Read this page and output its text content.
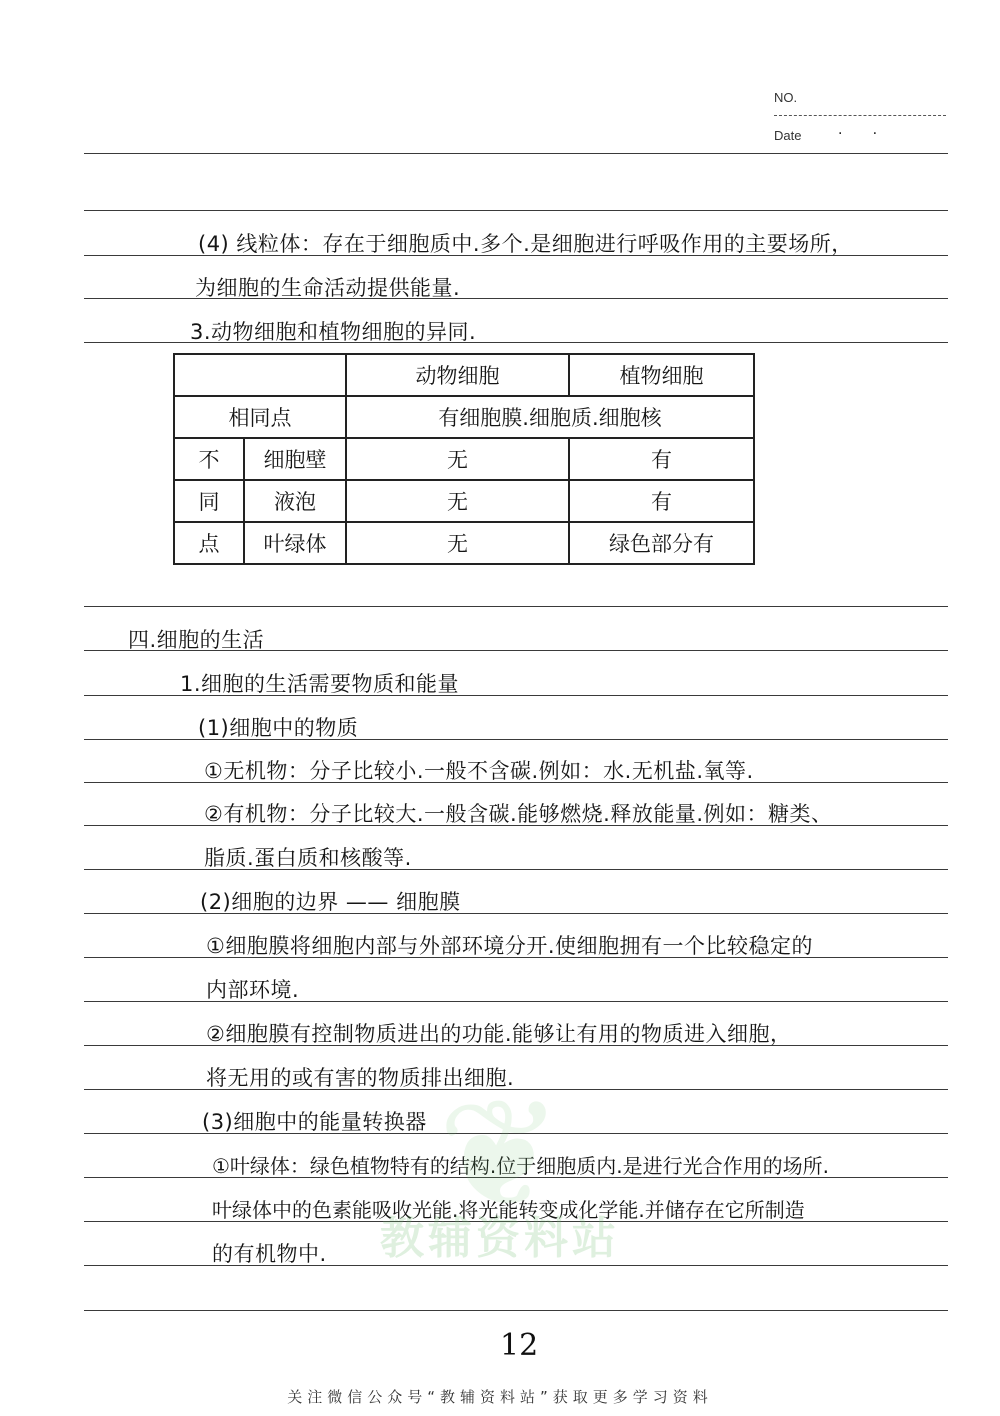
NO.
Date	·      ·
(4) 线粒体：存在于细胞质中.多个.是细胞进行呼吸作用的主要场所，
为细胞的生命活动提供能量.
3.动物细胞和植物细胞的异同.
		动物细胞	植物细胞
相同点		有细胞膜.细胞质.细胞核	
不	细胞壁	无	有
同	液泡	无	有
点	叶绿体	无	绿色部分有
四.细胞的生活
1.细胞的生活需要物质和能量
(1)细胞中的物质
①无机物：分子比较小.一般不含碳.例如：水.无机盐.氧等.
②有机物：分子比较大.一般含碳.能够燃烧.释放能量.例如：糖类、
脂质.蛋白质和核酸等.
(2)细胞的边界 —— 细胞膜
①细胞膜将细胞内部与外部环境分开.使细胞拥有一个比较稳定的
内部环境.
②细胞膜有控制物质进出的功能.能够让有用的物质进入细胞，
将无用的或有害的物质排出细胞.
(3)细胞中的能量转换器
①叶绿体：绿色植物特有的结构.位于细胞质内.是进行光合作用的场所.
叶绿体中的色素能吸收光能.将光能转变成化学能.并储存在它所制造
的有机物中.
❦
教辅资料站
12
关注微信公众号“教辅资料站”获取更多学习资料
